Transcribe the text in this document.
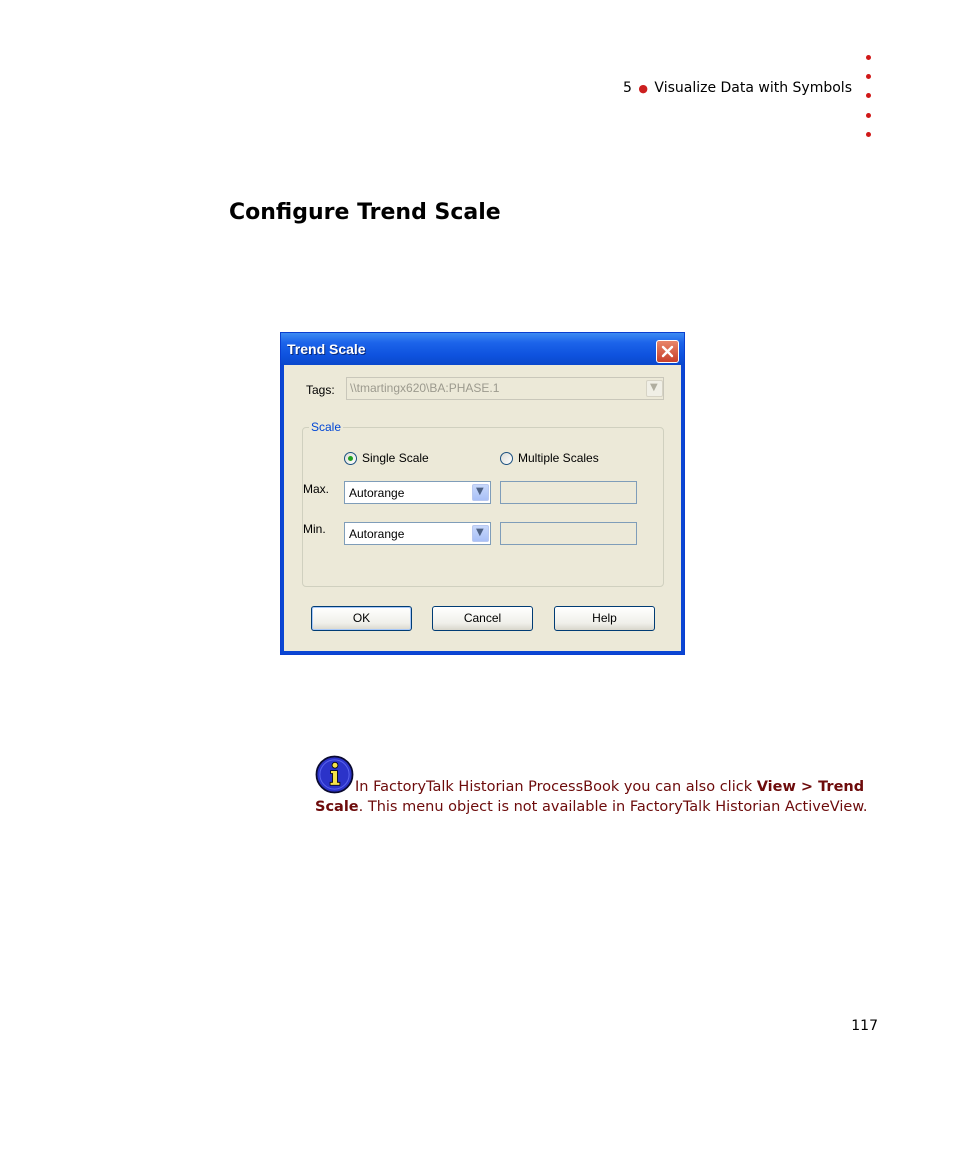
5 ● Visualize Data with Symbols
Configure Trend Scale
Trend Scale
Tags: \\tmartingx620\BA:PHASE.1	▼
Scale
Single Scale	Multiple Scales
Max. Autorange	▼
Min. Autorange	▼
OK	Cancel	Help

In FactoryTalk Historian ProcessBook you can also click View > Trend Scale. This menu object is not available in FactoryTalk Historian ActiveView.

117
